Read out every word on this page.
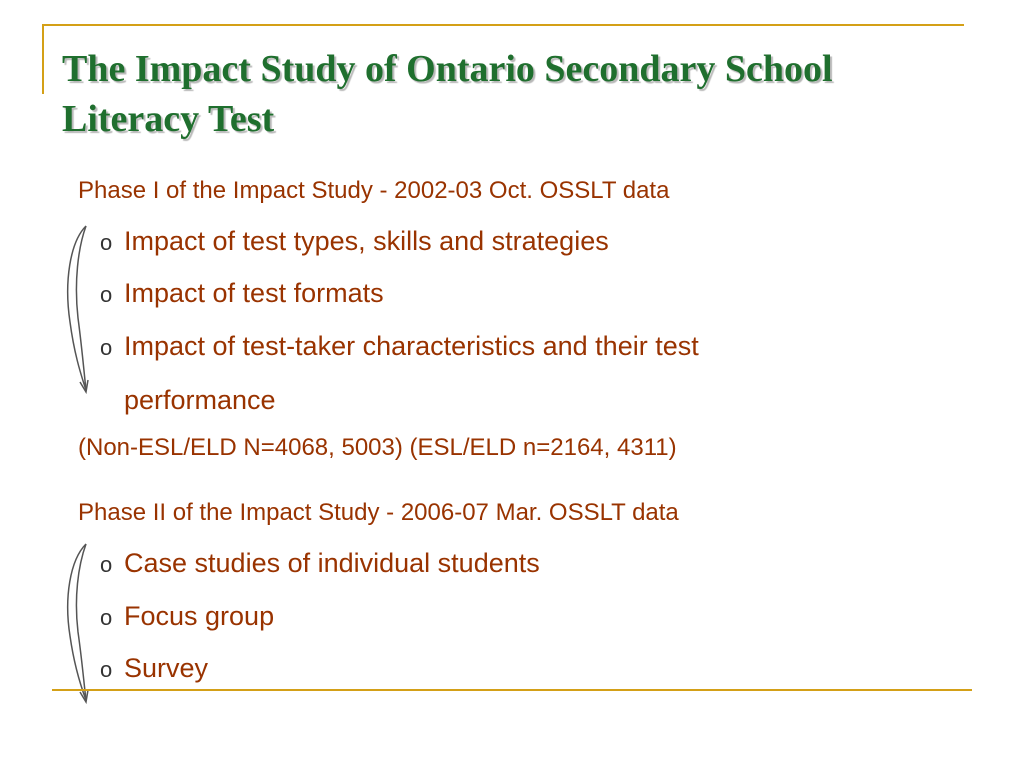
The Impact Study of Ontario Secondary School Literacy Test

Phase I of the Impact Study - 2002-03 Oct. OSSLT data

o Impact of test types, skills and strategies
o Impact of test formats
o Impact of test-taker characteristics and their test
performance

(Non-ESL/ELD N=4068, 5003) (ESL/ELD n=2164, 4311)

Phase II of the Impact Study - 2006-07 Mar. OSSLT data

o Case studies of individual students
o Focus group
o Survey
